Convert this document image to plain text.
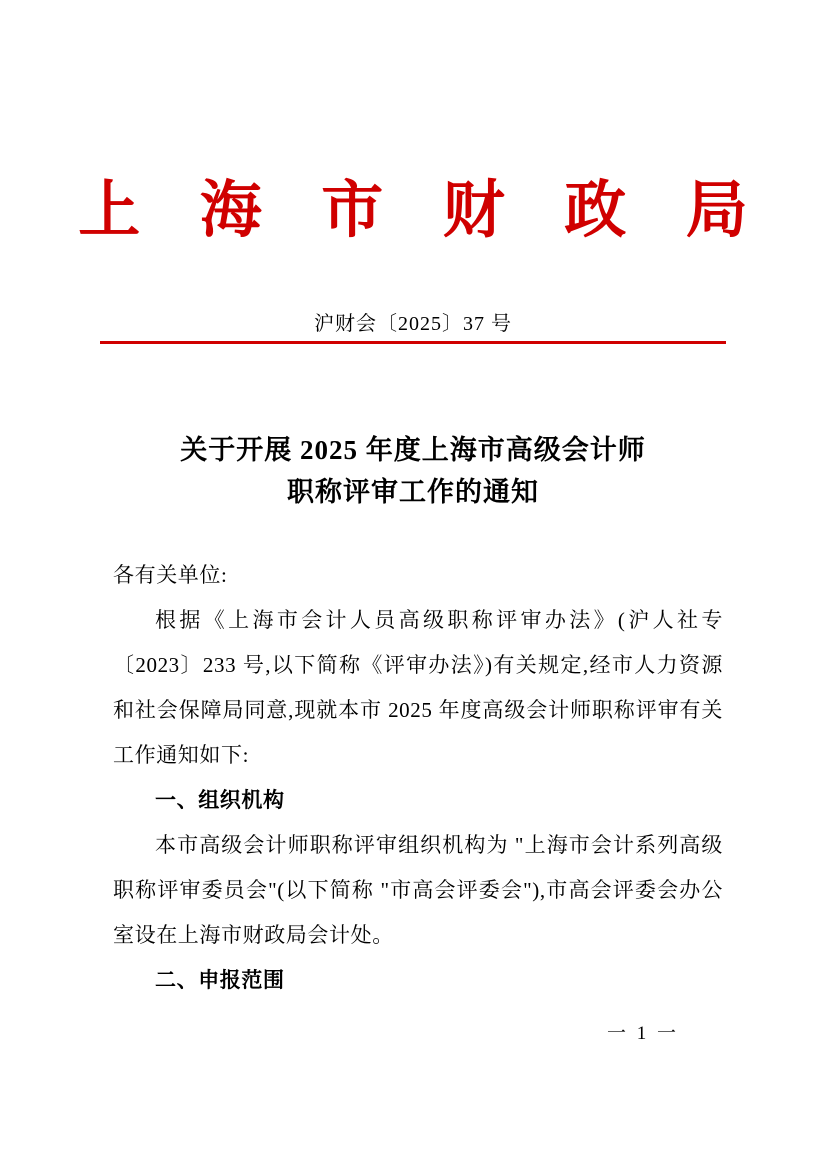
上 海 市 财 政 局
沪财会〔2025〕37 号
关于开展 2025 年度上海市高级会计师
职称评审工作的通知

各有关单位:

根据《上海市会计人员高级职称评审办法》(沪人社专〔2023〕233 号,以下简称《评审办法》)有关规定,经市人力资源和社会保障局同意,现就本市 2025 年度高级会计师职称评审有关工作通知如下:

一、组织机构

本市高级会计师职称评审组织机构为 "上海市会计系列高级职称评审委员会"(以下简称 "市高会评委会"),市高会评委会办公室设在上海市财政局会计处。

二、申报范围

一 1 一
